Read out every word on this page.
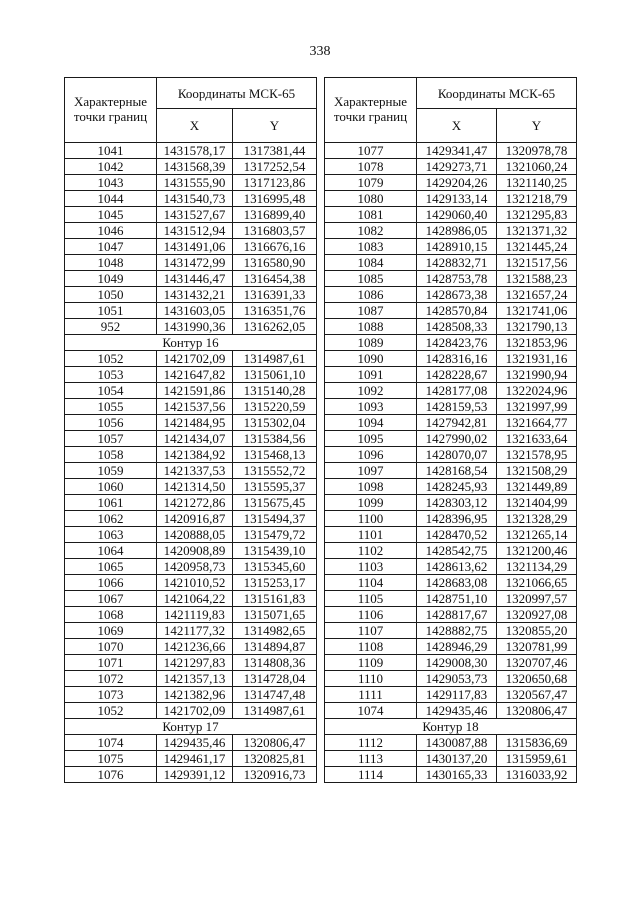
338
Характерные точки границ	Координаты МСК-65	
	X	Y
1041	1431578,17	1317381,44
1042	1431568,39	1317252,54
1043	1431555,90	1317123,86
1044	1431540,73	1316995,48
1045	1431527,67	1316899,40
1046	1431512,94	1316803,57
1047	1431491,06	1316676,16
1048	1431472,99	1316580,90
1049	1431446,47	1316454,38
1050	1431432,21	1316391,33
1051	1431603,05	1316351,76
952	1431990,36	1316262,05
Контур 16		
1052	1421702,09	1314987,61
1053	1421647,82	1315061,10
1054	1421591,86	1315140,28
1055	1421537,56	1315220,59
1056	1421484,95	1315302,04
1057	1421434,07	1315384,56
1058	1421384,92	1315468,13
1059	1421337,53	1315552,72
1060	1421314,50	1315595,37
1061	1421272,86	1315675,45
1062	1420916,87	1315494,37
1063	1420888,05	1315479,72
1064	1420908,89	1315439,10
1065	1420958,73	1315345,60
1066	1421010,52	1315253,17
1067	1421064,22	1315161,83
1068	1421119,83	1315071,65
1069	1421177,32	1314982,65
1070	1421236,66	1314894,87
1071	1421297,83	1314808,36
1072	1421357,13	1314728,04
1073	1421382,96	1314747,48
1052	1421702,09	1314987,61
Контур 17		
1074	1429435,46	1320806,47
1075	1429461,17	1320825,81
1076	1429391,12	1320916,73
Характерные точки границ	Координаты МСК-65	
	X	Y
1077	1429341,47	1320978,78
1078	1429273,71	1321060,24
1079	1429204,26	1321140,25
1080	1429133,14	1321218,79
1081	1429060,40	1321295,83
1082	1428986,05	1321371,32
1083	1428910,15	1321445,24
1084	1428832,71	1321517,56
1085	1428753,78	1321588,23
1086	1428673,38	1321657,24
1087	1428570,84	1321741,06
1088	1428508,33	1321790,13
1089	1428423,76	1321853,96
1090	1428316,16	1321931,16
1091	1428228,67	1321990,94
1092	1428177,08	1322024,96
1093	1428159,53	1321997,99
1094	1427942,81	1321664,77
1095	1427990,02	1321633,64
1096	1428070,07	1321578,95
1097	1428168,54	1321508,29
1098	1428245,93	1321449,89
1099	1428303,12	1321404,99
1100	1428396,95	1321328,29
1101	1428470,52	1321265,14
1102	1428542,75	1321200,46
1103	1428613,62	1321134,29
1104	1428683,08	1321066,65
1105	1428751,10	1320997,57
1106	1428817,67	1320927,08
1107	1428882,75	1320855,20
1108	1428946,29	1320781,99
1109	1429008,30	1320707,46
1110	1429053,73	1320650,68
1111	1429117,83	1320567,47
1074	1429435,46	1320806,47
Контур 18		
1112	1430087,88	1315836,69
1113	1430137,20	1315959,61
1114	1430165,33	1316033,92
